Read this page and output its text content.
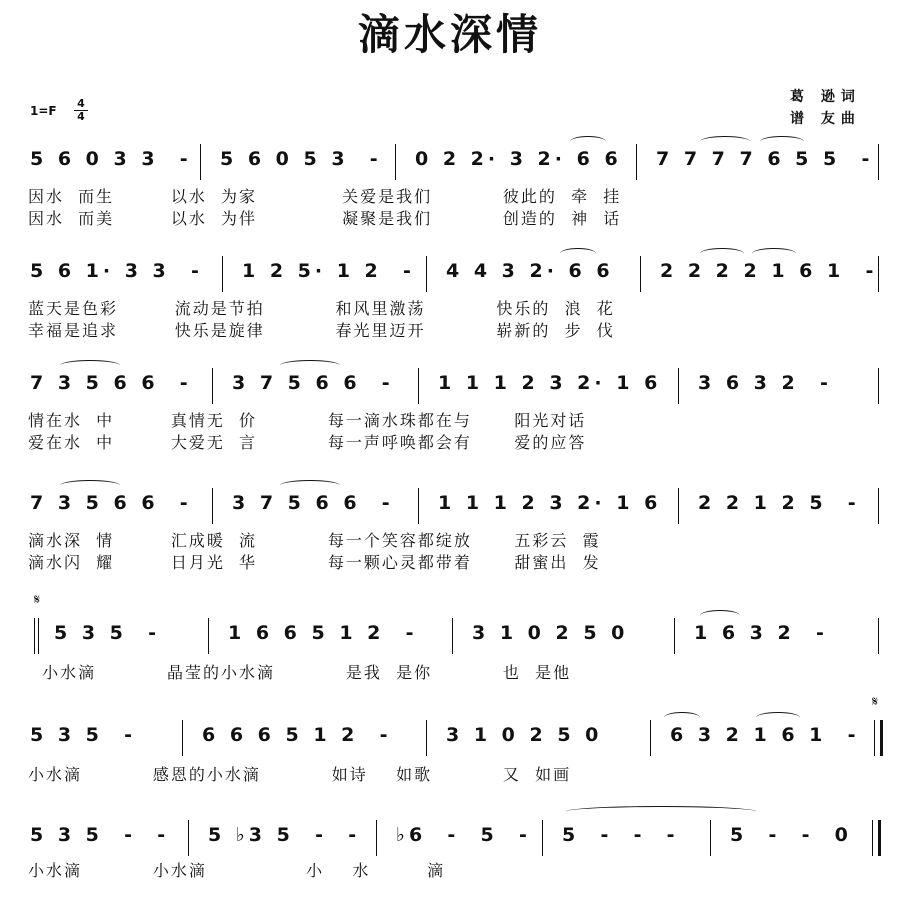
滴水深情
1=F
4
4
葛 逊词
谱 友曲
5 6 0 3 3  - 5 6 0 5 3  - 0 2 2· 3 2· 6 6 7 7 7 7 6 5 5  -
因水  而生        以水  为家            关爱是我们          彼此的  牵  挂
因水  而美        以水  为伴            凝聚是我们          创造的  神  话
5 6 1· 3 3  - 1 2 5· 1 2  - 4 4 3 2· 6 6 2 2 2 2 1 6 1  -
蓝天是色彩        流动是节拍          和风里激荡          快乐的  浪  花
幸福是追求        快乐是旋律          春光里迈开          崭新的  步  伐
7 3 5 6 6  - 3 7 5 6 6  - 1 1 1 2 3 2· 1 6 3 6 3 2  -
情在水  中        真情无  价          每一滴水珠都在与      阳光对话
爱在水  中        大爱无  言          每一声呼唤都会有      爱的应答
7 3 5 6 6  - 3 7 5 6 6  - 1 1 1 2 3 2· 1 6 2 2 1 2 5  -
滴水深  情        汇成暖  流          每一个笑容都绽放      五彩云  霞
滴水闪  耀        日月光  华          每一颗心灵都带着      甜蜜出  发
𝄋
5 3 5  -	1 6 6 5 1 2  -	3 1 0 2 5 0	1 6 3 2  -
小水滴          晶莹的小水滴          是我  是你          也  是他
𝄋
5 3 5  -	6 6 6 5 1 2  -	3 1 0 2 5 0	6 3 2 1 6 1  -
小水滴          感恩的小水滴          如诗    如歌          又  如画
5 3 5  -  - 5 ♭3 5  -  - ♭6  -  5  - 5  -  -  -	5  -  -  0
小水滴          小水滴              小    水        滴
